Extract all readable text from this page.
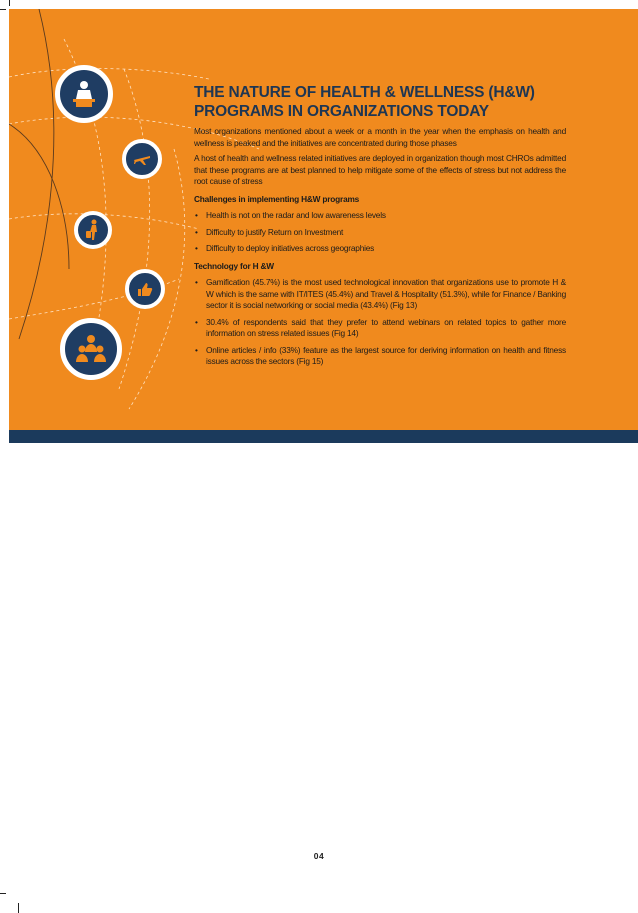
THE NATURE OF HEALTH & WELLNESS (H&W)
PROGRAMS IN ORGANIZATIONS TODAY

Most organizations mentioned about a week or a month in the year when the emphasis on health and wellness is peaked and the initiatives are concentrated during those phases

A host of health and wellness related initiatives are deployed in organization though most CHROs admitted that these programs are at best planned to help mitigate some of the effects of stress but not address the root cause of stress

Challenges in implementing H&W programs
• Health is not on the radar and low awareness levels
• Difficulty to justify Return on Investment
• Difficulty to deploy initiatives across geographies
Technology for H &W
• Gamification (45.7%) is the most used technological innovation that organizations use to promote H & W which is the same with IT/ITES (45.4%) and Travel & Hospitality (51.3%), while for Finance / Banking sector it is social networking or social media (43.4%) (Fig 13)
• 30.4% of respondents said that they prefer to attend webinars on related topics to gather more information on stress related issues (Fig 14)
• Online articles / info (33%) feature as the largest source for deriving information on health and fitness issues across the sectors (Fig 15)
04
